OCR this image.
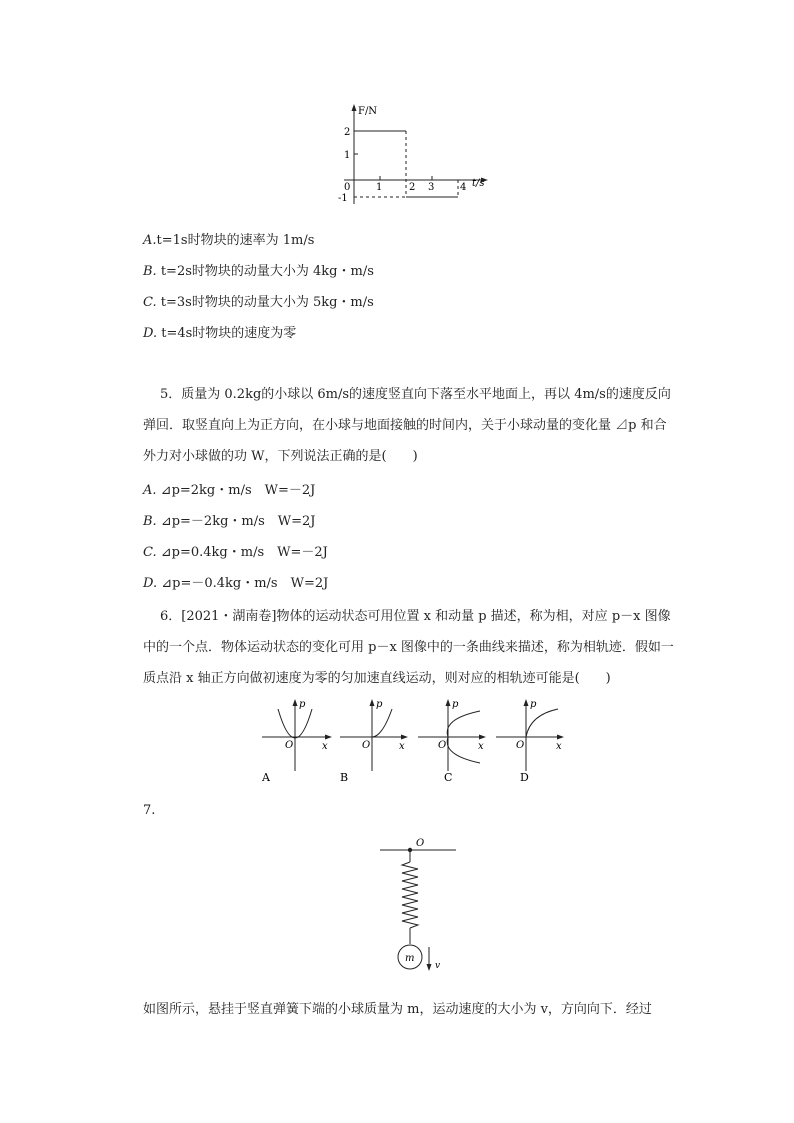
F/N
t/s
2
1
-1
0	1	2 3	4
A.t=1s时物块的速率为 1m/s
B. t=2s时物块的动量大小为 4kg・m/s
C. t=3s时物块的动量大小为 5kg・m/s
D. t=4s时物块的速度为零
5．质量为 0.2kg的小球以 6m/s的速度竖直向下落至水平地面上，再以 4m/s的速度反向
弹回．取竖直向上为正方向，在小球与地面接触的时间内，关于小球动量的变化量 ⊿p 和合
外力对小球做的功 W，下列说法正确的是(　　)
A. ⊿p=2kg・m/s　W=－2J
B. ⊿p=－2kg・m/s　W=2J
C. ⊿p=0.4kg・m/s　W=－2J
D. ⊿p=－0.4kg・m/s　W=2J
6．[2021・湖南卷]物体的运动状态可用位置 x 和动量 p 描述，称为相，对应 p－x 图像
中的一个点．物体运动状态的变化可用 p－x 图像中的一条曲线来描述，称为相轨迹．假如一
质点沿 x 轴正方向做初速度为零的匀加速直线运动，则对应的相轨迹可能是(　　)
p
x
O
A
p
x
O
B
p
x
O
C
p
x
O
D
7.
O
m
v
如图所示，悬挂于竖直弹簧下端的小球质量为 m，运动速度的大小为 v，方向向下．经过
